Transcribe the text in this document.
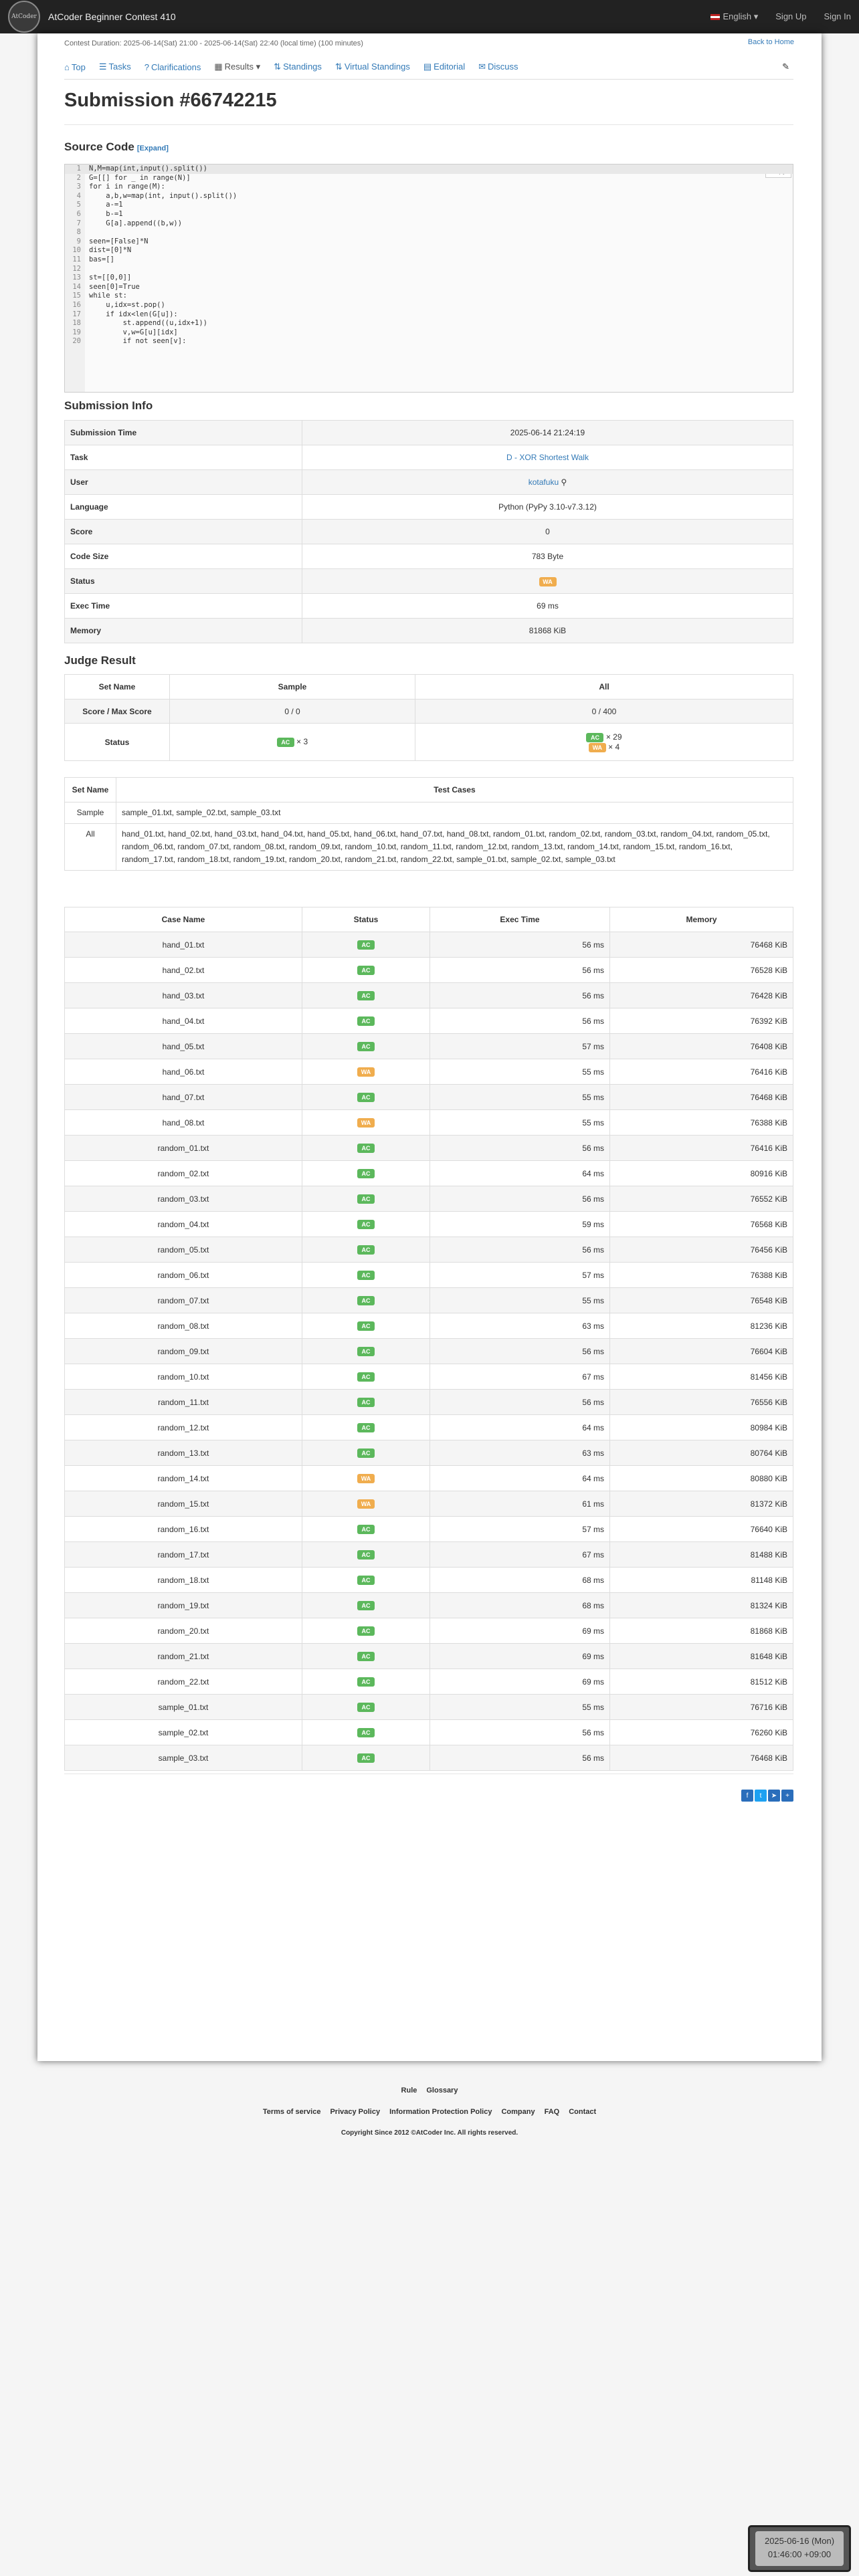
AtCoder	AtCoder Beginner Contest 410	English ▾ Sign Up Sign In
Contest Duration: 2025-06-14(Sat) 21:00 - 2025-06-14(Sat) 22:40 (local time) (100 minutes)	Back to Home
⌂ Top ☰ Tasks ? Clarifications ▦ Results ▾ ⇅ Standings ⇅ Virtual Standings ▤ Editorial ✉ Discuss	✎
Submission #66742215
Source Code [Expand]
1 N,M=map(int,input().split())
2 G=[[] for _ in range(N)]
3 for i in range(M):
4    a,b,w=map(int, input().split())
5    a-=1
6    b-=1
7    G[a].append((b,w))
8
9 seen=[False]*N
10 dist=[0]*N
11 bas=[]
12
13 st=[[0,0]]
14 seen[0]=True
15 while st:
16    u,idx=st.pop()
17    if idx<len(G[u]):
18        st.append((u,idx+1))
19        v,w=G[u][idx]
20        if not seen[v]:
Submission Info
Submission Time	2025-06-14 21:24:19
Task	D - XOR Shortest Walk
User	kotafuku ⚲
Language	Python (PyPy 3.10-v7.3.12)
Score	0
Code Size	783 Byte
Status	WA
Exec Time	69 ms
Memory	81868 KiB
Judge Result
Set Name	Sample	All
Score / Max Score	0 / 0	0 / 400
Status	AC × 3	AC × 29
WA × 4
Set Name	Test Cases
Sample	sample_01.txt, sample_02.txt, sample_03.txt
All	hand_01.txt, hand_02.txt, hand_03.txt, hand_04.txt, hand_05.txt, hand_06.txt, hand_07.txt, hand_08.txt, random_01.txt, random_02.txt, random_03.txt, random_04.txt, random_05.txt, random_06.txt, random_07.txt, random_08.txt, random_09.txt, random_10.txt, random_11.txt, random_12.txt, random_13.txt, random_14.txt, random_15.txt, random_16.txt, random_17.txt, random_18.txt, random_19.txt, random_20.txt, random_21.txt, random_22.txt, sample_01.txt, sample_02.txt, sample_03.txt
Case Name	Status	Exec Time	Memory
hand_01.txt	AC	56 ms	76468 KiB
hand_02.txt	AC	56 ms	76528 KiB
hand_03.txt	AC	56 ms	76428 KiB
hand_04.txt	AC	56 ms	76392 KiB
hand_05.txt	AC	57 ms	76408 KiB
hand_06.txt	WA	55 ms	76416 KiB
hand_07.txt	AC	55 ms	76468 KiB
hand_08.txt	WA	55 ms	76388 KiB
random_01.txt	AC	56 ms	76416 KiB
random_02.txt	AC	64 ms	80916 KiB
random_03.txt	AC	56 ms	76552 KiB
random_04.txt	AC	59 ms	76568 KiB
random_05.txt	AC	56 ms	76456 KiB
random_06.txt	AC	57 ms	76388 KiB
random_07.txt	AC	55 ms	76548 KiB
random_08.txt	AC	63 ms	81236 KiB
random_09.txt	AC	56 ms	76604 KiB
random_10.txt	AC	67 ms	81456 KiB
random_11.txt	AC	56 ms	76556 KiB
random_12.txt	AC	64 ms	80984 KiB
random_13.txt	AC	63 ms	80764 KiB
random_14.txt	WA	64 ms	80880 KiB
random_15.txt	WA	61 ms	81372 KiB
random_16.txt	AC	57 ms	76640 KiB
random_17.txt	AC	67 ms	81488 KiB
random_18.txt	AC	68 ms	81148 KiB
random_19.txt	AC	68 ms	81324 KiB
random_20.txt	AC	69 ms	81868 KiB
random_21.txt	AC	69 ms	81648 KiB
random_22.txt	AC	69 ms	81512 KiB
sample_01.txt	AC	55 ms	76716 KiB
sample_02.txt	AC	56 ms	76260 KiB
sample_03.txt	AC	56 ms	76468 KiB
f	t	➤	+
Rule Glossary
Terms of service Privacy Policy Information Protection Policy Company FAQ Contact
Copyright Since 2012 ©AtCoder Inc. All rights reserved.
2025-06-16 (Mon)
01:46:00 +09:00
